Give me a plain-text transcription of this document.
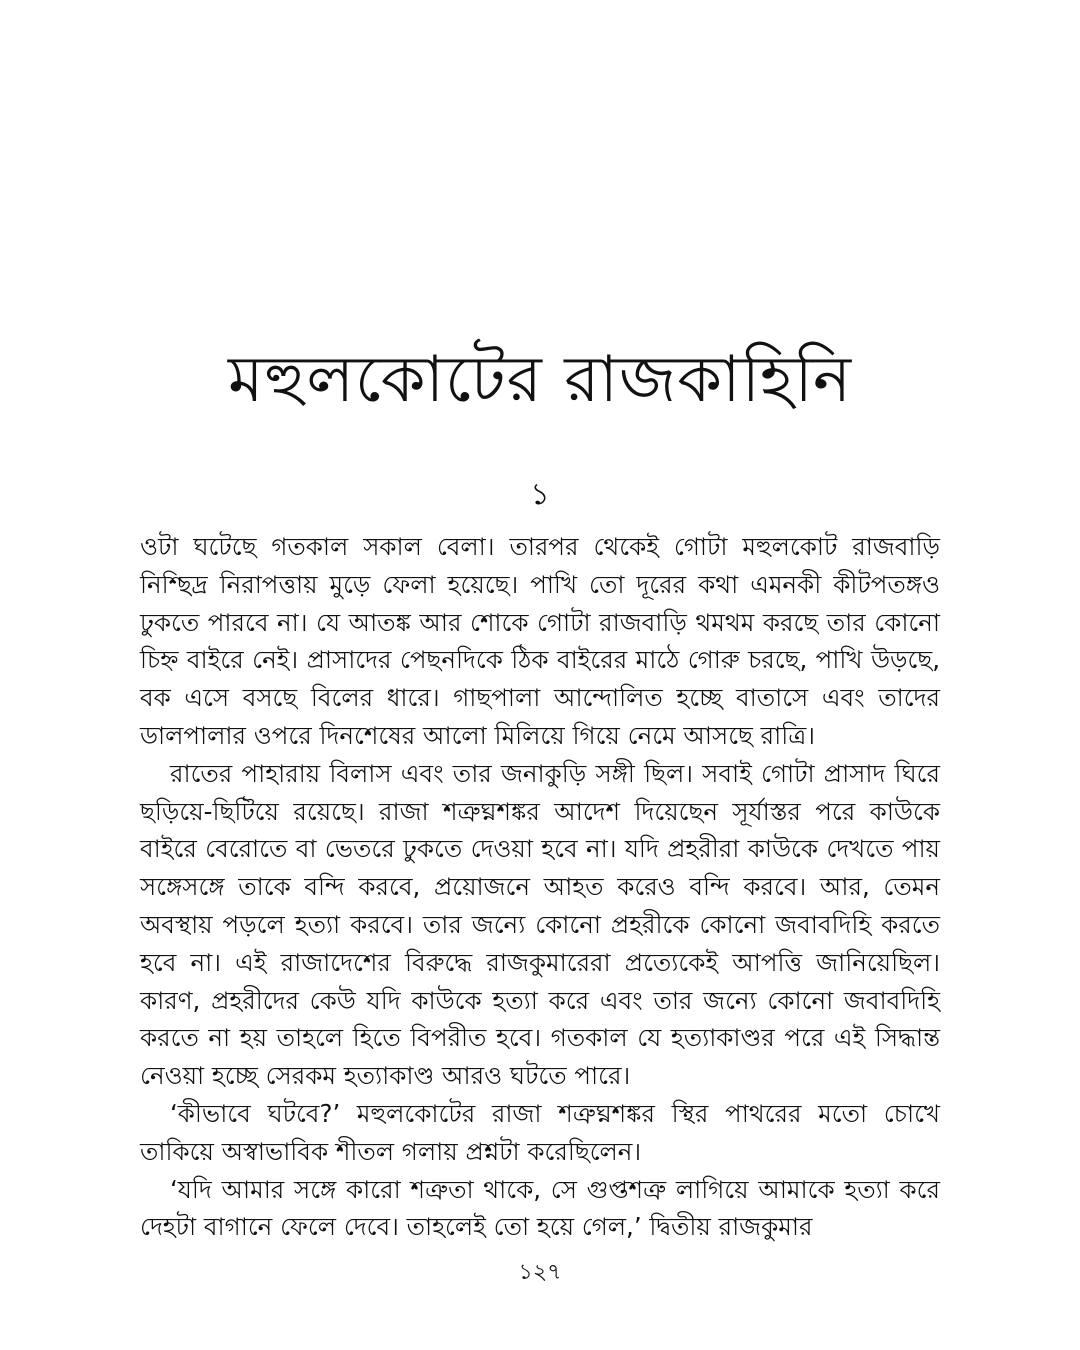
মহুলকোটের রাজকাহিনি
১

ওটা ঘটেছে গতকাল সকাল বেলা। তারপর থেকেই গোটা মহুলকোট রাজবাড়ি নিশ্ছিদ্র নিরাপত্তায় মুড়ে ফেলা হয়েছে। পাখি তো দূরের কথা এমনকী কীটপতঙ্গও ঢুকতে পারবে না। যে আতঙ্ক আর শোকে গোটা রাজবাড়ি থমথম করছে তার কোনো চিহ্ন বাইরে নেই। প্রাসাদের পেছনদিকে ঠিক বাইরের মাঠে গোরু চরছে, পাখি উড়ছে, বক এসে বসছে বিলের ধারে। গাছপালা আন্দোলিত হচ্ছে বাতাসে এবং তাদের ডালপালার ওপরে দিনশেষের আলো মিলিয়ে গিয়ে নেমে আসছে রাত্রি।

রাতের পাহারায় বিলাস এবং তার জনাকুড়ি সঙ্গী ছিল। সবাই গোটা প্রাসাদ ঘিরে ছড়িয়ে-ছিটিয়ে রয়েছে। রাজা শত্রুঘ্নশঙ্কর আদেশ দিয়েছেন সূর্যাস্তর পরে কাউকে বাইরে বেরোতে বা ভেতরে ঢুকতে দেওয়া হবে না। যদি প্রহরীরা কাউকে দেখতে পায় সঙ্গেসঙ্গে তাকে বন্দি করবে, প্রয়োজনে আহত করেও বন্দি করবে। আর, তেমন অবস্থায় পড়লে হত্যা করবে। তার জন্যে কোনো প্রহরীকে কোনো জবাবদিহি করতে হবে না। এই রাজাদেশের বিরুদ্ধে রাজকুমারেরা প্রত্যেকেই আপত্তি জানিয়েছিল। কারণ, প্রহরীদের কেউ যদি কাউকে হত্যা করে এবং তার জন্যে কোনো জবাবদিহি করতে না হয় তাহলে হিতে বিপরীত হবে। গতকাল যে হত্যাকাণ্ডর পরে এই সিদ্ধান্ত নেওয়া হচ্ছে সেরকম হত্যাকাণ্ড আরও ঘটতে পারে।

‘কীভাবে ঘটবে?’ মহুলকোটের রাজা শত্রুঘ্নশঙ্কর স্থির পাথরের মতো চোখে তাকিয়ে অস্বাভাবিক শীতল গলায় প্রশ্নটা করেছিলেন।

‘যদি আমার সঙ্গে কারো শত্রুতা থাকে, সে গুপ্তশত্রু লাগিয়ে আমাকে হত্যা করে দেহটা বাগানে ফেলে দেবে। তাহলেই তো হয়ে গেল,’ দ্বিতীয় রাজকুমার

১২৭
